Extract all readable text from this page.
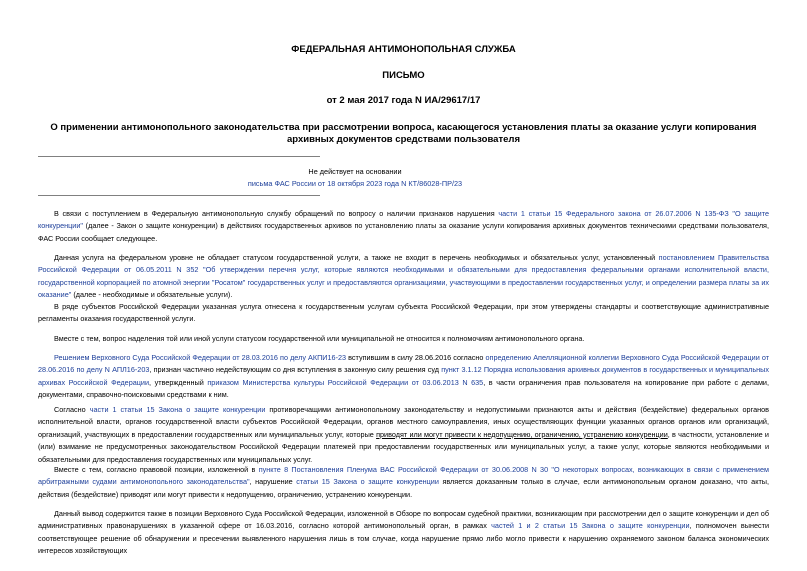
ФЕДЕРАЛЬНАЯ АНТИМОНОПОЛЬНАЯ СЛУЖБА
ПИСЬМО
от 2 мая 2017 года N ИА/29617/17
О применении антимонопольного законодательства при рассмотрении вопроса, касающегося установления платы за оказание услуги копирования архивных документов средствами пользователя
Не действует на основании
письма ФАС России от 18 октября 2023 года N КТ/86028-ПР/23

В связи с поступлением в Федеральную антимонопольную службу обращений по вопросу о наличии признаков нарушения части 1 статьи 15 Федерального закона от 26.07.2006 N 135-ФЗ "О защите конкуренции" (далее - Закон о защите конкуренции) в действиях государственных архивов по установлению платы за оказание услуги копирования архивных документов техническими средствами пользователя, ФАС России сообщает следующее.

Данная услуга на федеральном уровне не обладает статусом государственной услуги, а также не входит в перечень необходимых и обязательных услуг, установленный постановлением Правительства Российской Федерации от 06.05.2011 N 352 "Об утверждении перечня услуг, которые являются необходимыми и обязательными для предоставления федеральными органами исполнительной власти, государственной корпорацией по атомной энергии "Росатом" государственных услуг и предоставляются организациями, участвующими в предоставлении государственных услуг, и определении размера платы за их оказание" (далее - необходимые и обязательные услуги).

В ряде субъектов Российской Федерации указанная услуга отнесена к государственным услугам субъекта Российской Федерации, при этом утверждены стандарты и соответствующие административные регламенты оказания государственной услуги.

Вместе с тем, вопрос наделения той или иной услуги статусом государственной или муниципальной не относится к полномочиям антимонопольного органа.

Решением Верховного Суда Российской Федерации от 28.03.2016 по делу АКПИ16-23 вступившим в силу 28.06.2016 согласно определению Апелляционной коллегии Верховного Суда Российской Федерации от 28.06.2016 по делу N АПЛ16-203, признан частично недействующим со дня вступления в законную силу решения суд пункт 3.1.12 Порядка использования архивных документов в государственных и муниципальных архивах Российской Федерации, утвержденный приказом Министерства культуры Российской Федерации от 03.06.2013 N 635, в части ограничения прав пользователя на копирование при работе с делами, документами, справочно-поисковыми средствами к ним.

Согласно части 1 статьи 15 Закона о защите конкуренции противоречащими антимонопольному законодательству и недопустимыми признаются акты и действия (бездействие) федеральных органов исполнительной власти, органов государственной власти субъектов Российской Федерации, органов местного самоуправления, иных осуществляющих функции указанных органов органов или организаций, организаций, участвующих в предоставлении государственных или муниципальных услуг, которые приводят или могут привести к недопущению, ограничению, устранению конкуренции, в частности, установление и (или) взимание не предусмотренных законодательством Российской Федерации платежей при предоставлении государственных или муниципальных услуг, а также услуг, которые являются необходимыми и обязательными для предоставления государственных или муниципальных услуг.

Вместе с тем, согласно правовой позиции, изложенной в пункте 8 Постановления Пленума ВАС Российской Федерации от 30.06.2008 N 30 "О некоторых вопросах, возникающих в связи с применением арбитражными судами антимонопольного законодательства", нарушение статьи 15 Закона о защите конкуренции является доказанным только в случае, если антимонопольным органом доказано, что акты, действия (бездействие) приводят или могут привести к недопущению, ограничению, устранению конкуренции.

Данный вывод содержится также в позиции Верховного Суда Российской Федерации, изложенной в Обзоре по вопросам судебной практики, возникающим при рассмотрении дел о защите конкуренции и дел об административных правонарушениях в указанной сфере от 16.03.2016, согласно которой антимонопольный орган, в рамках частей 1 и 2 статьи 15 Закона о защите конкуренции, полномочен вынести соответствующее решение об обнаружении и пресечении выявленного нарушения лишь в том случае, когда нарушение прямо либо могло привести к нарушению охраняемого законом баланса экономических интересов хозяйствующих
